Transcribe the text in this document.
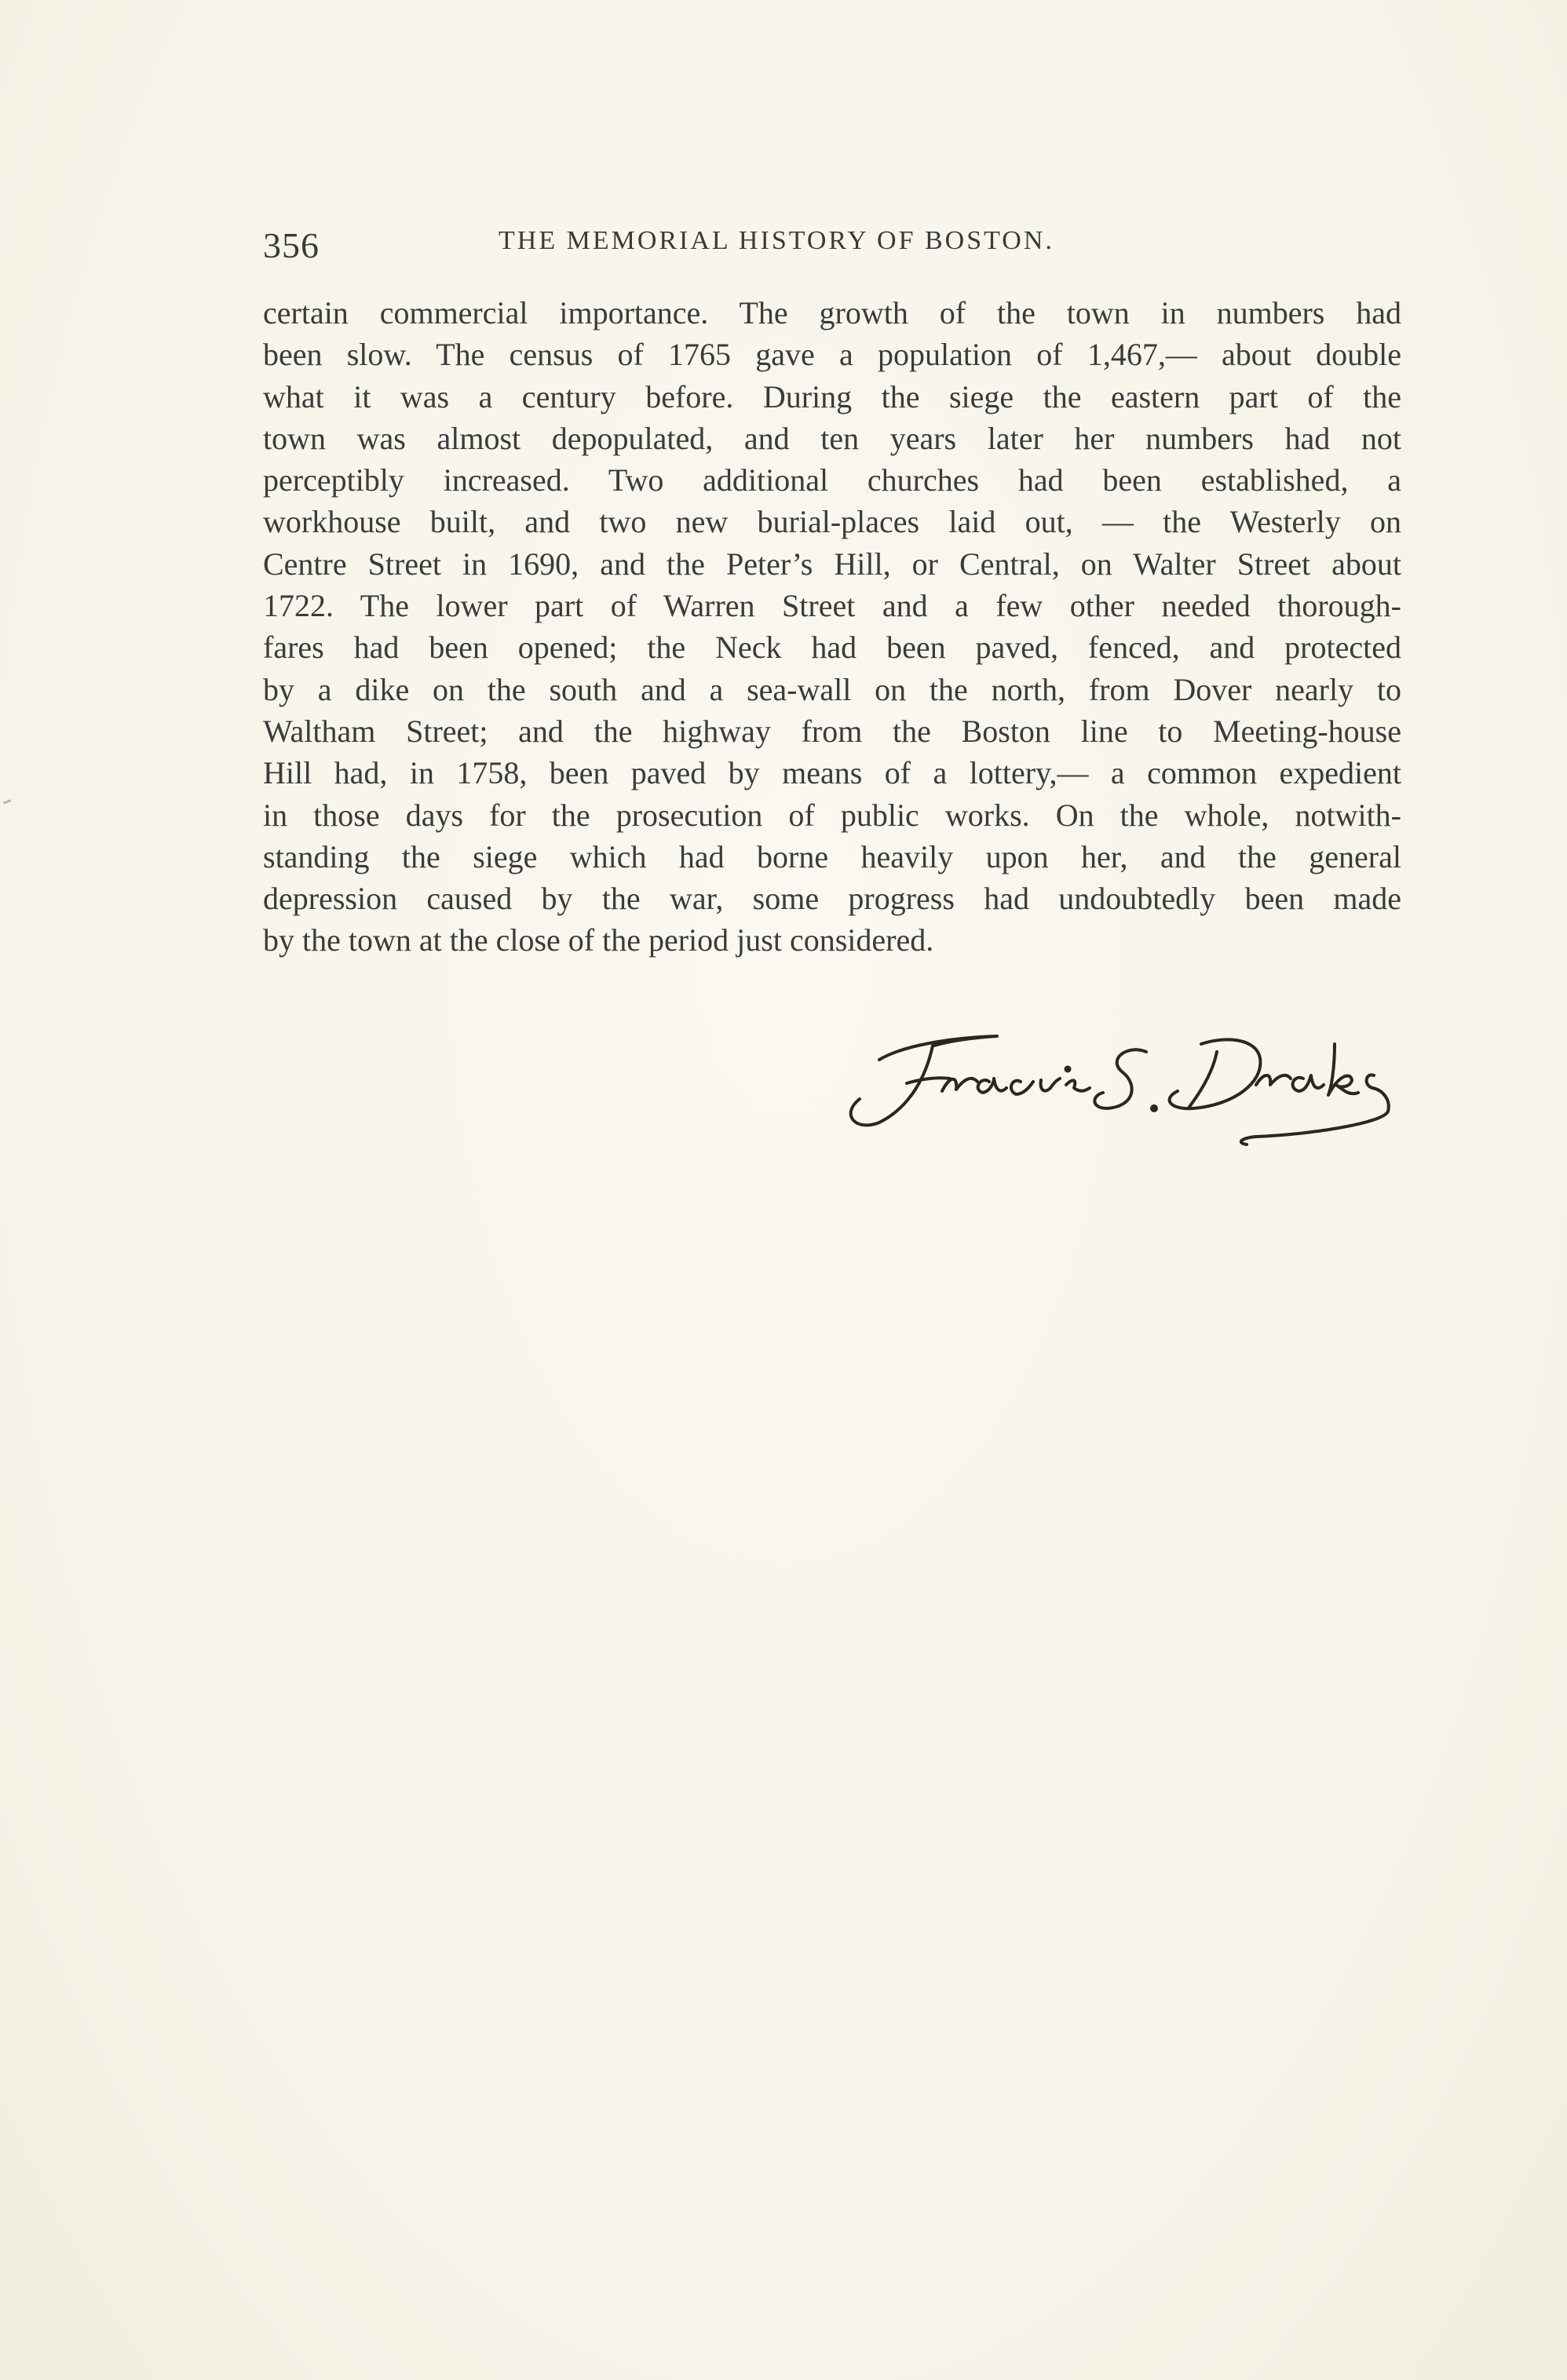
356	THE MEMORIAL HISTORY OF BOSTON.
certain commercial importance. The growth of the town in numbers had
been slow. The census of 1765 gave a population of 1,467,— about double
what it was a century before. During the siege the eastern part of the
town was almost depopulated, and ten years later her numbers had not
perceptibly increased. Two additional churches had been established, a
workhouse built, and two new burial-places laid out, — the Westerly on
Centre Street in 1690, and the Peter’s Hill, or Central, on Walter Street about
1722. The lower part of Warren Street and a few other needed thorough-
fares had been opened; the Neck had been paved, fenced, and protected
by a dike on the south and a sea-wall on the north, from Dover nearly to
Waltham Street; and the highway from the Boston line to Meeting-house
Hill had, in 1758, been paved by means of a lottery,— a common expedient
in those days for the prosecution of public works. On the whole, notwith-
standing the siege which had borne heavily upon her, and the general
depression caused by the war, some progress had undoubtedly been made
by the town at the close of the period just considered.
